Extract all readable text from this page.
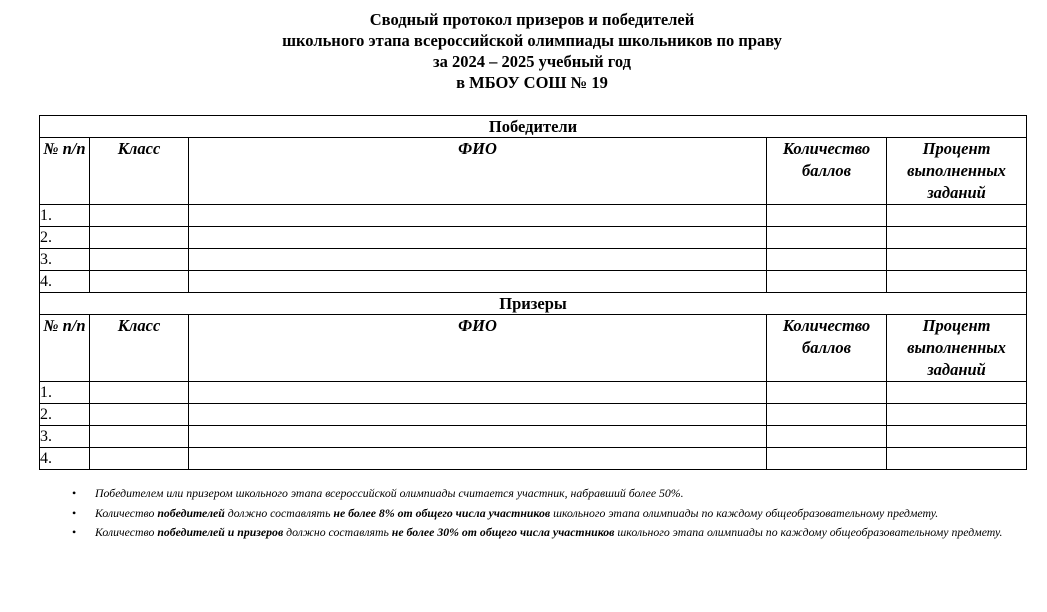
Сводный протокол призеров и победителей
школьного этапа всероссийской олимпиады школьников по праву
за 2024 – 2025 учебный год
в МБОУ СОШ № 19
Победители				
№ п/п	Класс	ФИО	Количество баллов	Процент выполненных заданий
1.				
2.				
3.				
4.				
Призеры				
№ п/п	Класс	ФИО	Количество баллов	Процент выполненных заданий
1.				
2.				
3.				
4.				
• Победителем или призером школьного этапа всероссийской олимпиады считается участник, набравший более 50%.
• Количество победителей должно составлять не более 8% от общего числа участников школьного этапа олимпиады по каждому общеобразовательному предмету.
• Количество победителей и призеров должно составлять не более 30% от общего числа участников школьного этапа олимпиады по каждому общеобразовательному предмету.
